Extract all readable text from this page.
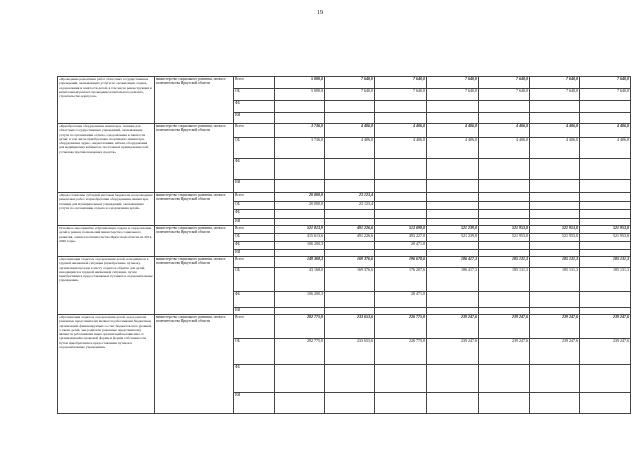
19
«Проведение ремонтных работ областных государственных учреждений, оказывающих услуги по организации отдыха, оздоровления и занятости детей, в том числе реконструкция и капитальный ремонт, проведение капитального ремонта, строительство корпусов»	министерство социального развития, опеки и попечительства Иркутской области	Всего	5 000,0	7 640,0	7 640,0	7 640,0	7 640,0	7 640,0	7 640,0
		ОБ	5 000,0	7 640,0	7 640,0	7 640,0	7 640,0	7 640,0	7 640,0
		ФБ							
		ИИ							
«Приобретение оборудования, инвентаря, техники для областных государственных учреждений, оказывающих услуги по организации отдыха, оздоровления и занятости детей, в том числе приобретение спортивного инвентаря, оборудования, аудио-, видеотехники, кабеля, оборудования для медицинских кабинетов, постельных принадлежностей, установка противопожарных средств»	министерство социального развития, опеки и попечительства Иркутской области	Всего	3 736,0	4 406,0	4 406,0	4 406,0	4 406,0	4 406,0	4 406,0
		ОБ	3 736,0	4 406,0	4 406,0	4 406,0	4 406,0	4 406,0	4 406,0
		ФБ							
		ИИ							
«Предоставление субсидий местным бюджетам на проведение ремонтных работ и приобретение оборудования, инвентаря, техники для муниципальных учреждений, оказывающих услуги по организации отдыха и оздоровления детей»	министерство социального развития, опеки и попечительства Иркутской области	Всего	20 000,0	23 123,4					
		ОБ	20 000,0	23 123,4					
		ФБ							
		ИИ							
Основное мероприятие «Организация отдыха и оздоровления детей в рамках полномочий министерства социального развития, опеки и попечительства Иркутской области на 2014-2020 годы»	министерство социального развития, опеки и попечительства Иркутской области	Всего	521 813,9	491 226,6	513 698,0	521 239,0	521 953,0	521 953,0	521 953,0
		ОБ	415 613,6	491 226,6	493 227,0	521 239,0	521 953,0	521 953,0	521 953,0
		ФБ	106 200,3		20 471,0				
		ИИ							
«Организация отдыха и оздоровления детей, находящихся в трудной жизненной ситуации (приобретение путевок), организация проезда к месту отдыха и обратно для детей, находящихся в трудной жизненной ситуации, путем приобретения в предоставляемых путевках в оздоровительные учреждения»	министерство социального развития, опеки и попечительства Иркутской области	Всего	149 368,3	169 376,6	196 678,6	186 417,3	185 131,3	185 131,3	185 131,3
		ОБ	43 168,0	169 376,6	176 207,6	186 417,3	185 131,3	185 131,3	185 131,3
		ФБ	106 200,3		20 471,0				
		ИИ							
«Организация отдыха и оздоровления детей, чьи родители (законные представители) являются работниками бюджетных организаций, финансируемых за счет бюджетов всех уровней, а также детей, чьи родители (законные представители) являются работниками иных организаций независимо от организационно-правовой формы и формы собственности путем приобретения и предоставления путевок в оздоровительные учреждения»	министерство социального развития, опеки и попечительства Иркутской области	Всего	282 775,0	233 653,6	226 775,0	239 247,6	239 247,6	239 247,6	239 247,6
		ОБ	282 775,0	233 653,6	226 775,0	239 247,6	239 247,6	239 247,6	239 247,6
		ФБ							
		ИИ							
